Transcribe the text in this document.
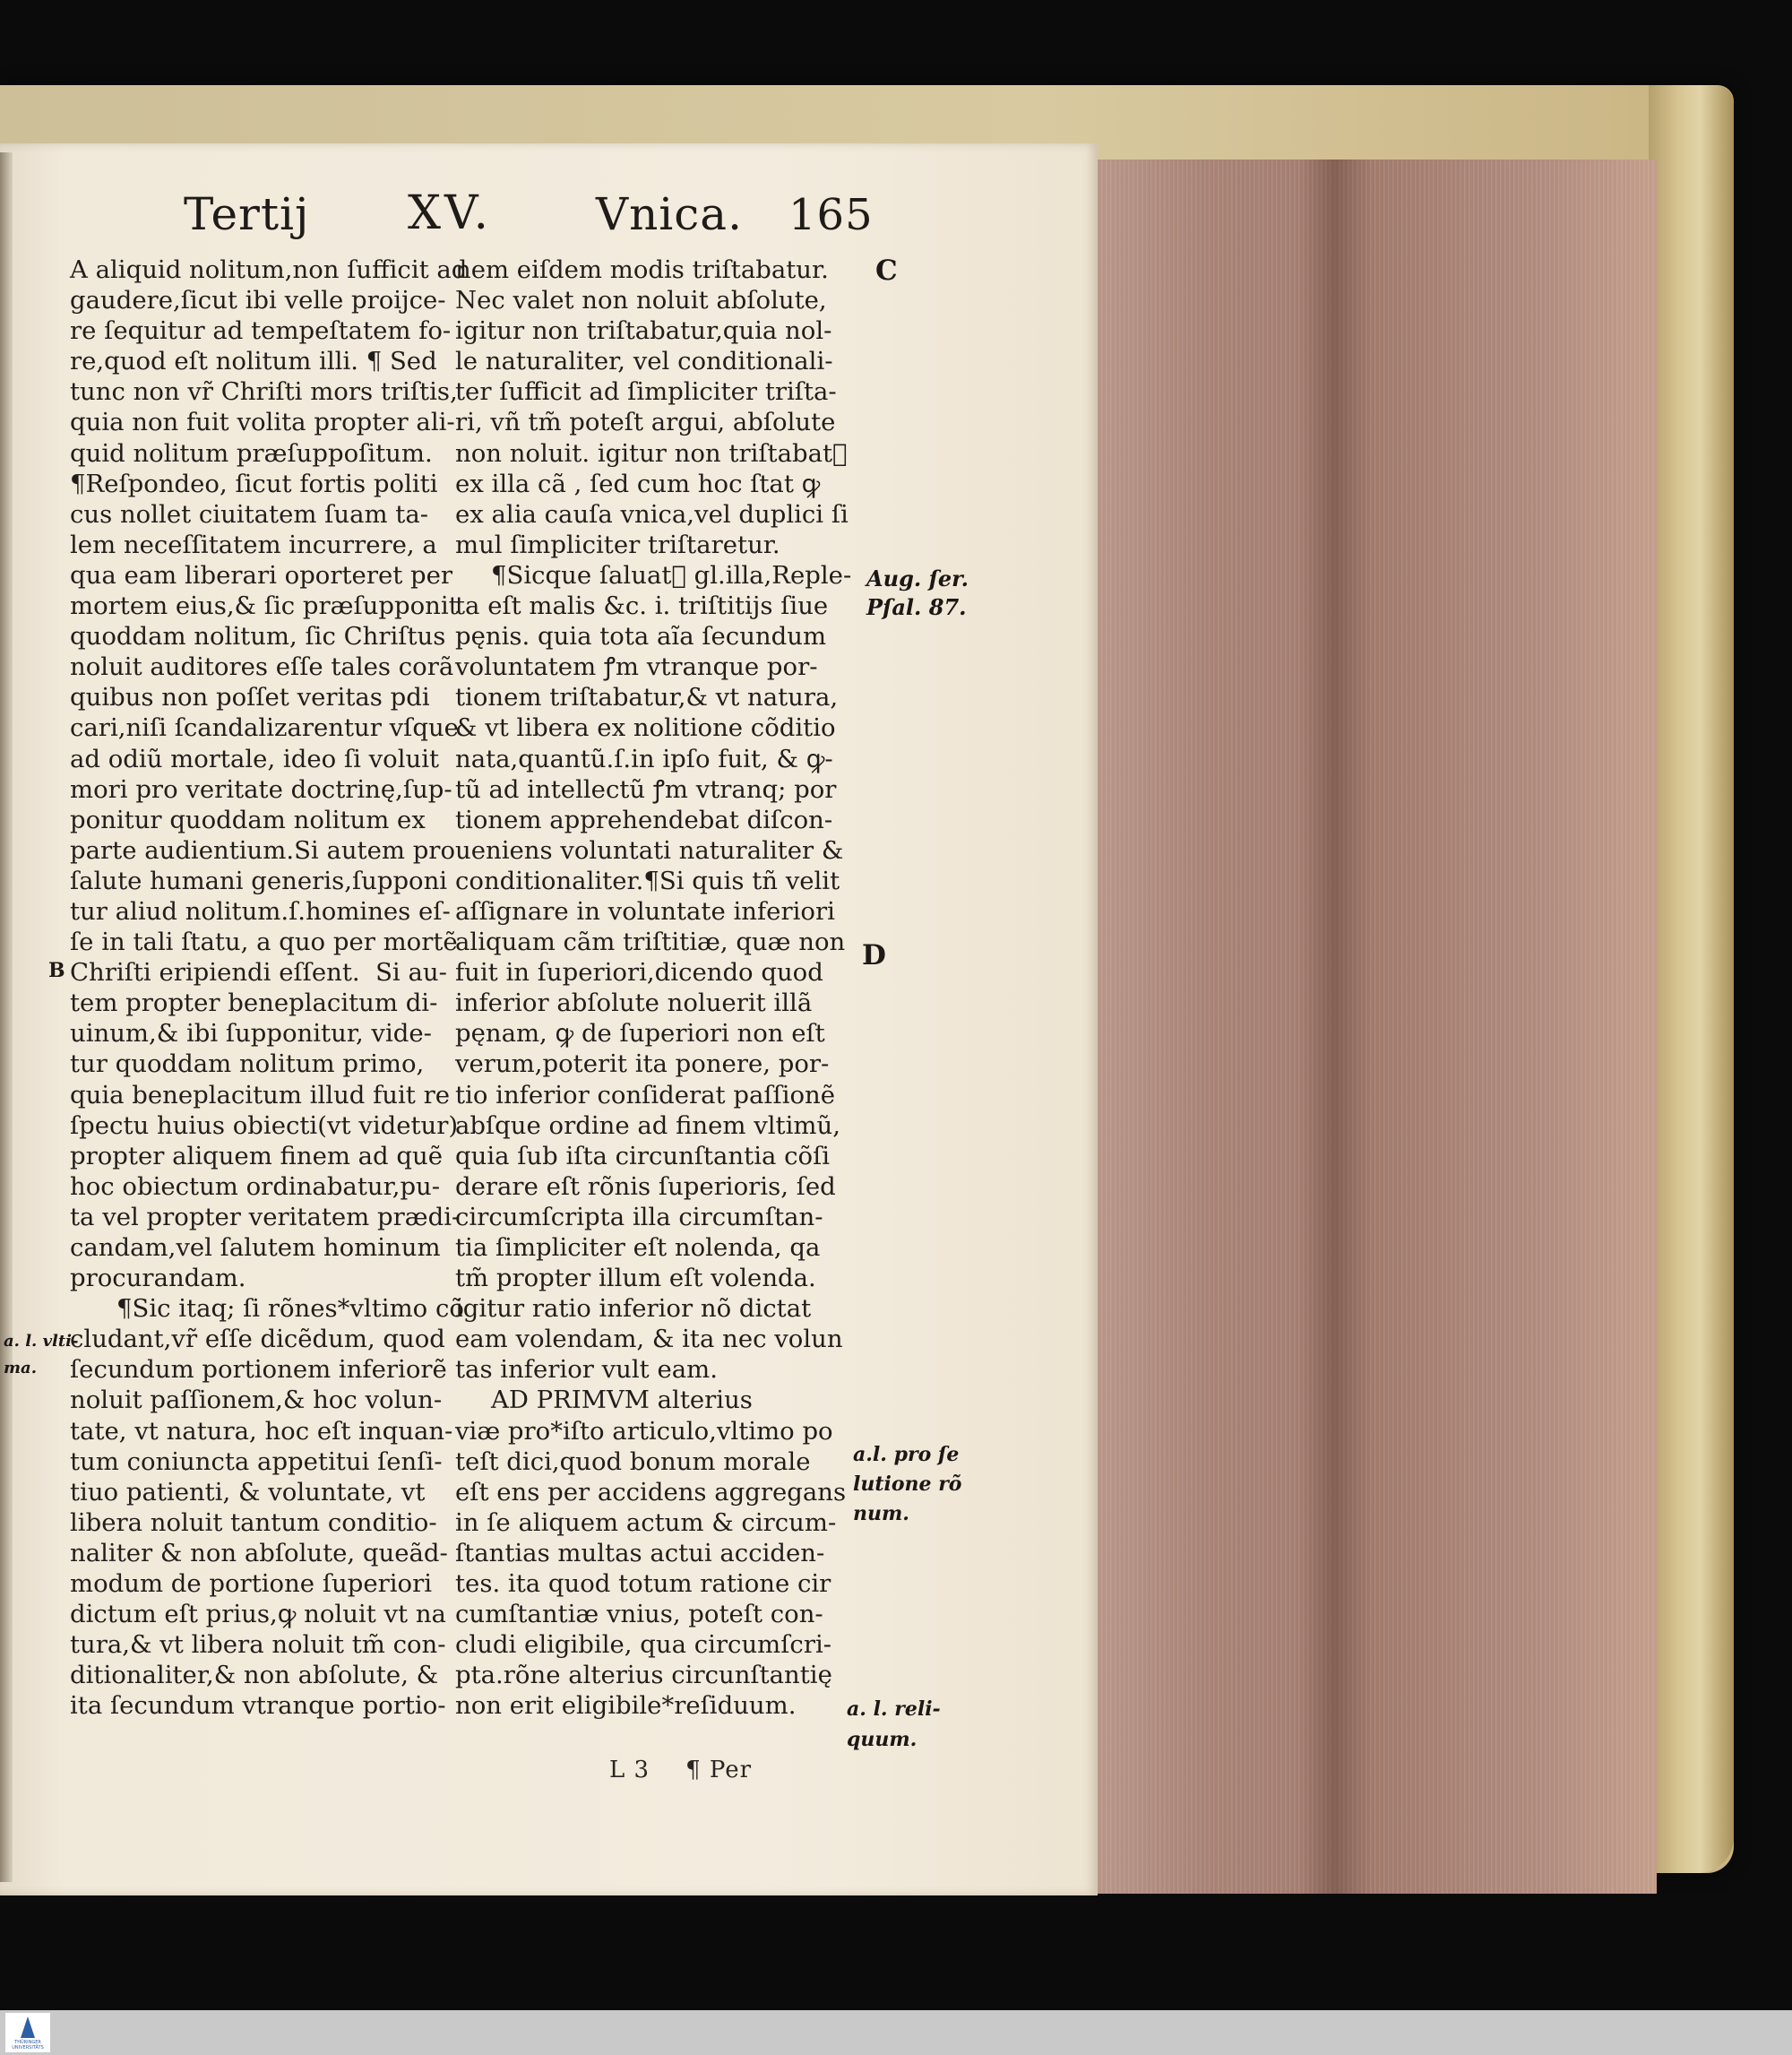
Tertij XV. Vnica. 165
A aliquid nolitum,non ſufficit ad
gaudere,ſicut ibi velle proijce-
re ſequitur ad tempeſtatem fo-
re,quod eſt nolitum illi. ¶ Sed
tunc non vr̃ Chriſti mors triſtis,
quia non fuit volita propter ali-
quid nolitum præſuppoſitum.
¶Reſpondeo, ſicut fortis politi
cus nollet ciuitatem ſuam ta-
lem neceſſitatem incurrere, a
qua eam liberari oporteret per
mortem eius,& ſic præſupponit
quoddam nolitum, ſic Chriſtus
noluit auditores eſſe tales corã
quibus non poſſet veritas pdi
cari,niſi ſcandalizarentur vſque
ad odiũ mortale, ideo ſi voluit
mori pro veritate doctrinę,ſup-
ponitur quoddam nolitum ex
parte audientium.Si autem pro
ſalute humani generis,ſupponi
tur aliud nolitum.ſ.homines eſ-
ſe in tali ſtatu, a quo per mortẽ
Chriſti eripiendi eſſent.  Si au-
tem propter beneplacitum di-
uinum,& ibi ſupponitur, vide-
tur quoddam nolitum primo,
quia beneplacitum illud fuit re
ſpectu huius obiecti(vt videtur)
propter aliquem finem ad quẽ
hoc obiectum ordinabatur,pu-
ta vel propter veritatem prædi-
candam,vel ſalutem hominum
procurandam.
¶Sic itaq; ſi rõnes*vltimo cõ
cludant,vr̃ eſſe dicẽdum, quod
ſecundum portionem inferiorẽ
noluit paſſionem,& hoc volun-
tate, vt natura, hoc eſt inquan-
tum coniuncta appetitui ſenſi-
tiuo patienti, & voluntate, vt
libera noluit tantum conditio-
naliter & non abſolute, queãd-
modum de portione ſuperiori
dictum eſt prius,ꝙ noluit vt na
tura,& vt libera noluit tm̃ con-
ditionaliter,& non abſolute, &
ita ſecundum vtranque portio-
nem eiſdem modis triſtabatur.
Nec valet non noluit abſolute,
igitur non triſtabatur,quia nol-
le naturaliter, vel conditionali-
ter ſufficit ad ſimpliciter triſta-
ri, vñ tm̃ poteſt argui, abſolute
non noluit. igitur non triſtabat᷑
ex illa cã , ſed cum hoc ſtat ꝙ
ex alia cauſa vnica,vel duplici ſi
mul ſimpliciter triſtaretur.
¶Sicque ſaluat᷑ gl.illa,Reple-
ta eſt malis &c. i. triſtitijs ſiue
pęnis. quia tota aĩa ſecundum
voluntatem ꝭm vtranque por-
tionem triſtabatur,& vt natura,
& vt libera ex nolitione cõditio
nata,quantũ.ſ.in ipſo fuit, & ꝙ-
tũ ad intellectũ ꝭm vtranq; por
tionem apprehendebat diſcon-
ueniens voluntati naturaliter &
conditionaliter.¶Si quis tñ velit
aſſignare in voluntate inferiori
aliquam cãm triſtitiæ, quæ non
fuit in ſuperiori,dicendo quod
inferior abſolute noluerit illã
pęnam, ꝙ de ſuperiori non eſt
verum,poterit ita ponere, por-
tio inferior conſiderat paſſionẽ
abſque ordine ad finem vltimũ,
quia ſub iſta circunſtantia cõſi
derare eſt rõnis ſuperioris, ſed
circumſcripta illa circumſtan-
tia ſimpliciter eſt nolenda, qa
tm̃ propter illum eſt volenda.
igitur ratio inferior nõ dictat
eam volendam, & ita nec volun
tas inferior vult eam.
AD PRIMVM alterius
viæ pro*iſto articulo,vltimo po
teſt dici,quod bonum morale
eſt ens per accidens aggregans
in ſe aliquem actum & circum-
ſtantias multas actui acciden-
tes. ita quod totum ratione cir
cumſtantiæ vnius, poteſt con-
cludi eligibile, qua circumſcri-
pta.rõne alterius circunſtantię
non erit eligibile*reſiduum.
B
C
D
Aug. ſer.
Pſal. 87.
a.l. pro ſe
lutione rõ
num.
a. l. reli-
quum.
a. l. vlti-
ma.
L 3 ¶ Per
THÜRINGER UNIVERSITÄTS
